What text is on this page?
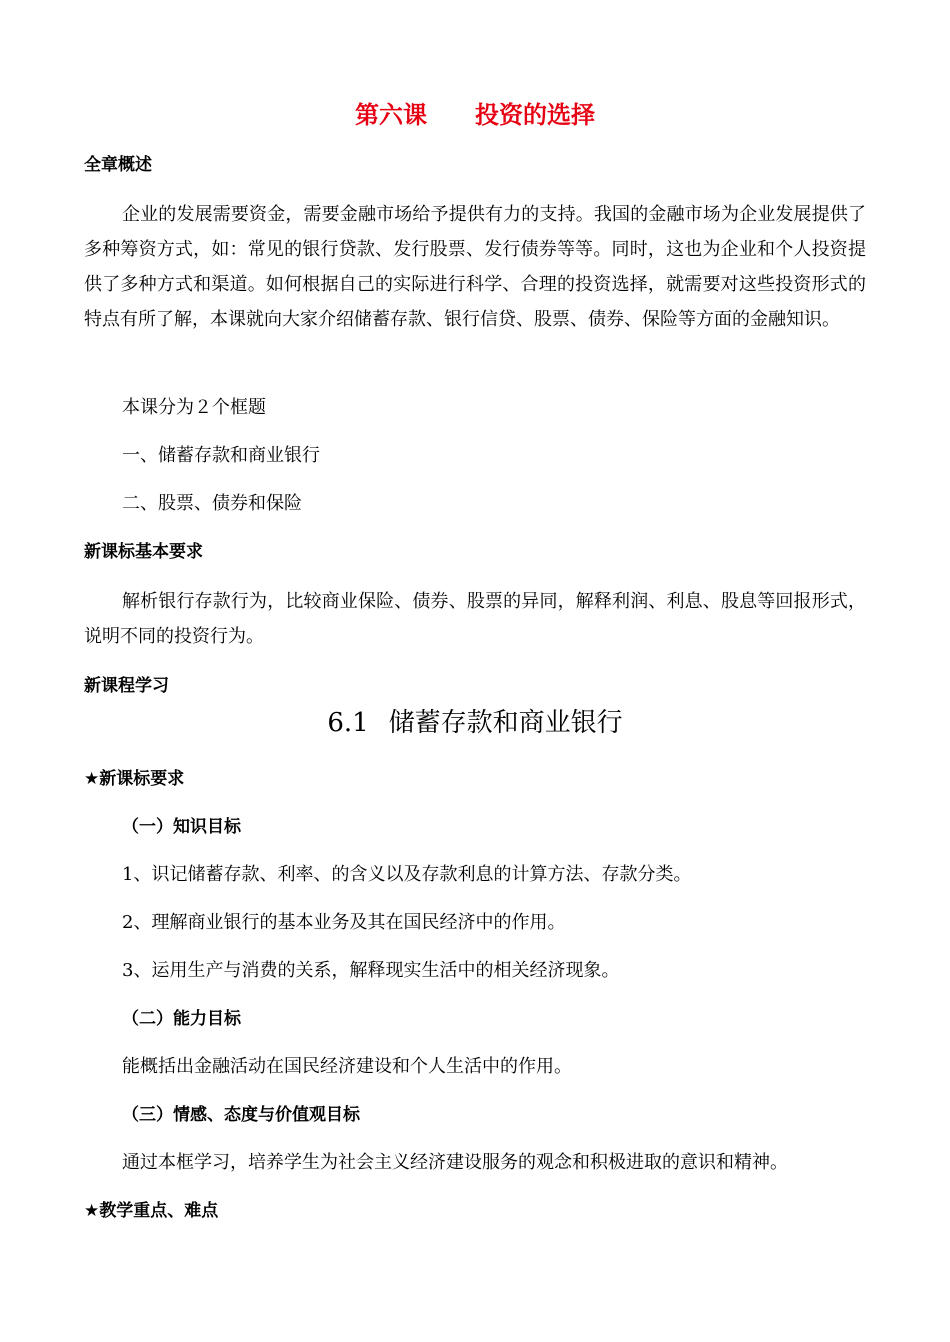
第六课 投资的选择
全章概述

企业的发展需要资金，需要金融市场给予提供有力的支持。我国的金融市场为企业发展提供了多种筹资方式，如：常见的银行贷款、发行股票、发行债券等等。同时，这也为企业和个人投资提供了多种方式和渠道。如何根据自己的实际进行科学、合理的投资选择，就需要对这些投资形式的特点有所了解，本课就向大家介绍储蓄存款、银行信贷、股票、债券、保险等方面的金融知识。

本课分为２个框题
一、储蓄存款和商业银行
二、股票、债券和保险
新课标基本要求

解析银行存款行为，比较商业保险、债券、股票的异同，解释利润、利息、股息等回报形式，说明不同的投资行为。

新课程学习
6.1 储蓄存款和商业银行
★新课标要求
（一）知识目标
1、识记储蓄存款、利率、的含义以及存款利息的计算方法、存款分类。
2、理解商业银行的基本业务及其在国民经济中的作用。
3、运用生产与消费的关系，解释现实生活中的相关经济现象。
（二）能力目标
能概括出金融活动在国民经济建设和个人生活中的作用。
（三）情感、态度与价值观目标
通过本框学习，培养学生为社会主义经济建设服务的观念和积极进取的意识和精神。
★教学重点、难点
